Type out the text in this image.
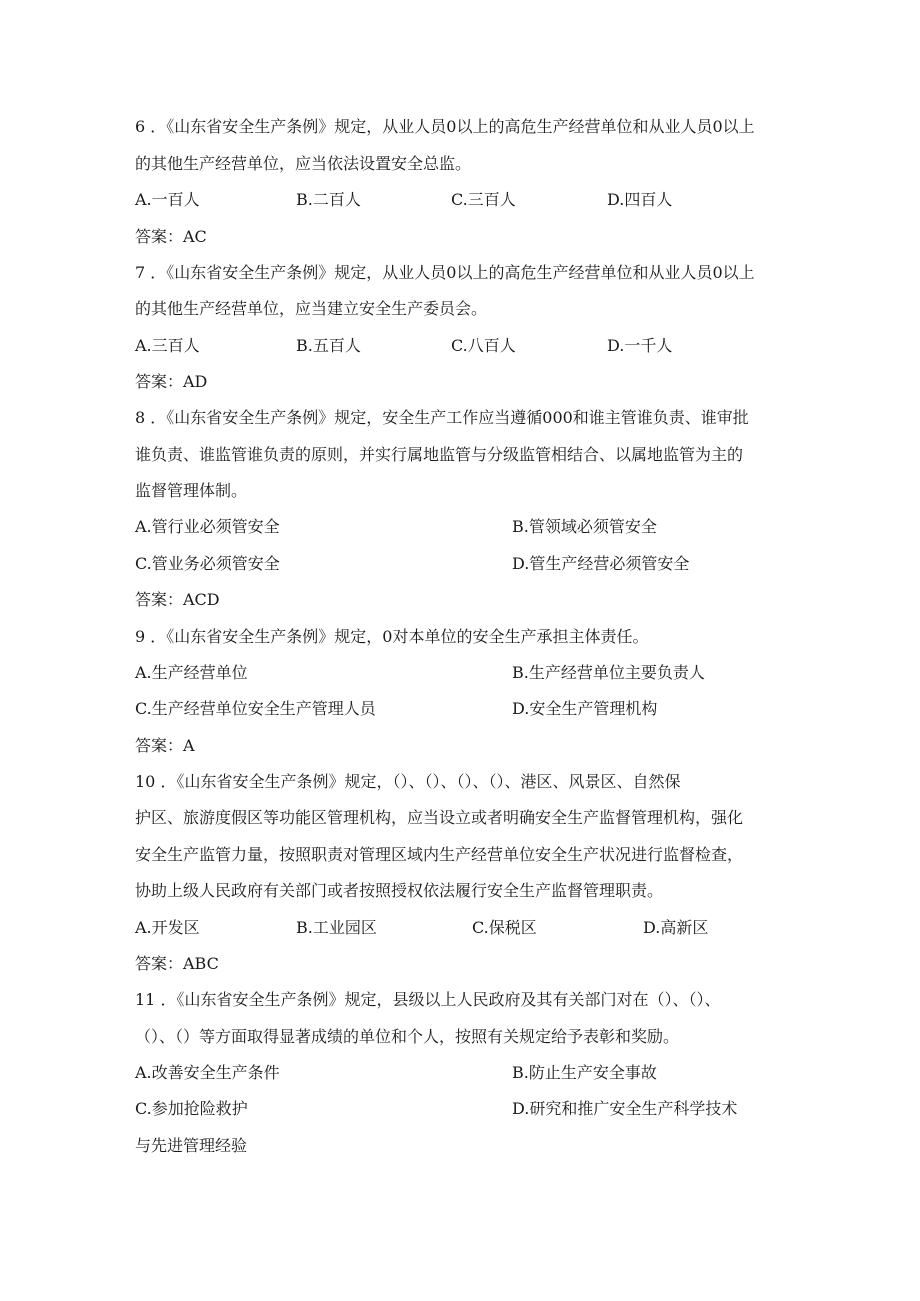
6 ．《山东省安全生产条例》规定，从业人员0以上的高危生产经营单位和从业人员0以上
的其他生产经营单位，应当依法设置安全总监。
A.一百人	B.二百人	C.三百人	D.四百人
答案：AC
7 ．《山东省安全生产条例》规定，从业人员0以上的高危生产经营单位和从业人员0以上
的其他生产经营单位，应当建立安全生产委员会。
A.三百人	B.五百人	C.八百人	D.一千人
答案：AD
8 ．《山东省安全生产条例》规定，安全生产工作应当遵循000和谁主管谁负责、谁审批
谁负责、谁监管谁负责的原则，并实行属地监管与分级监管相结合、以属地监管为主的
监督管理体制。
A.管行业必须管安全	B.管领域必须管安全
C.管业务必须管安全	D.管生产经营必须管安全
答案：ACD
9 ．《山东省安全生产条例》规定，0对本单位的安全生产承担主体责任。
A.生产经营单位	B.生产经营单位主要负责人
C.生产经营单位安全生产管理人员	D.安全生产管理机构
答案：A
10 ．《山东省安全生产条例》规定，（）、（）、（）、（）、港区、风景区、自然保
护区、旅游度假区等功能区管理机构，应当设立或者明确安全生产监督管理机构，强化
安全生产监管力量，按照职责对管理区域内生产经营单位安全生产状况进行监督检查，
协助上级人民政府有关部门或者按照授权依法履行安全生产监督管理职责。
A.开发区	B.工业园区	C.保税区	D.高新区
答案：ABC
11 ．《山东省安全生产条例》规定，县级以上人民政府及其有关部门对在（）、（）、
（）、（）等方面取得显著成绩的单位和个人，按照有关规定给予表彰和奖励。
A.改善安全生产条件	B.防止生产安全事故
C.参加抢险救护	D.研究和推广安全生产科学技术
与先进管理经验
